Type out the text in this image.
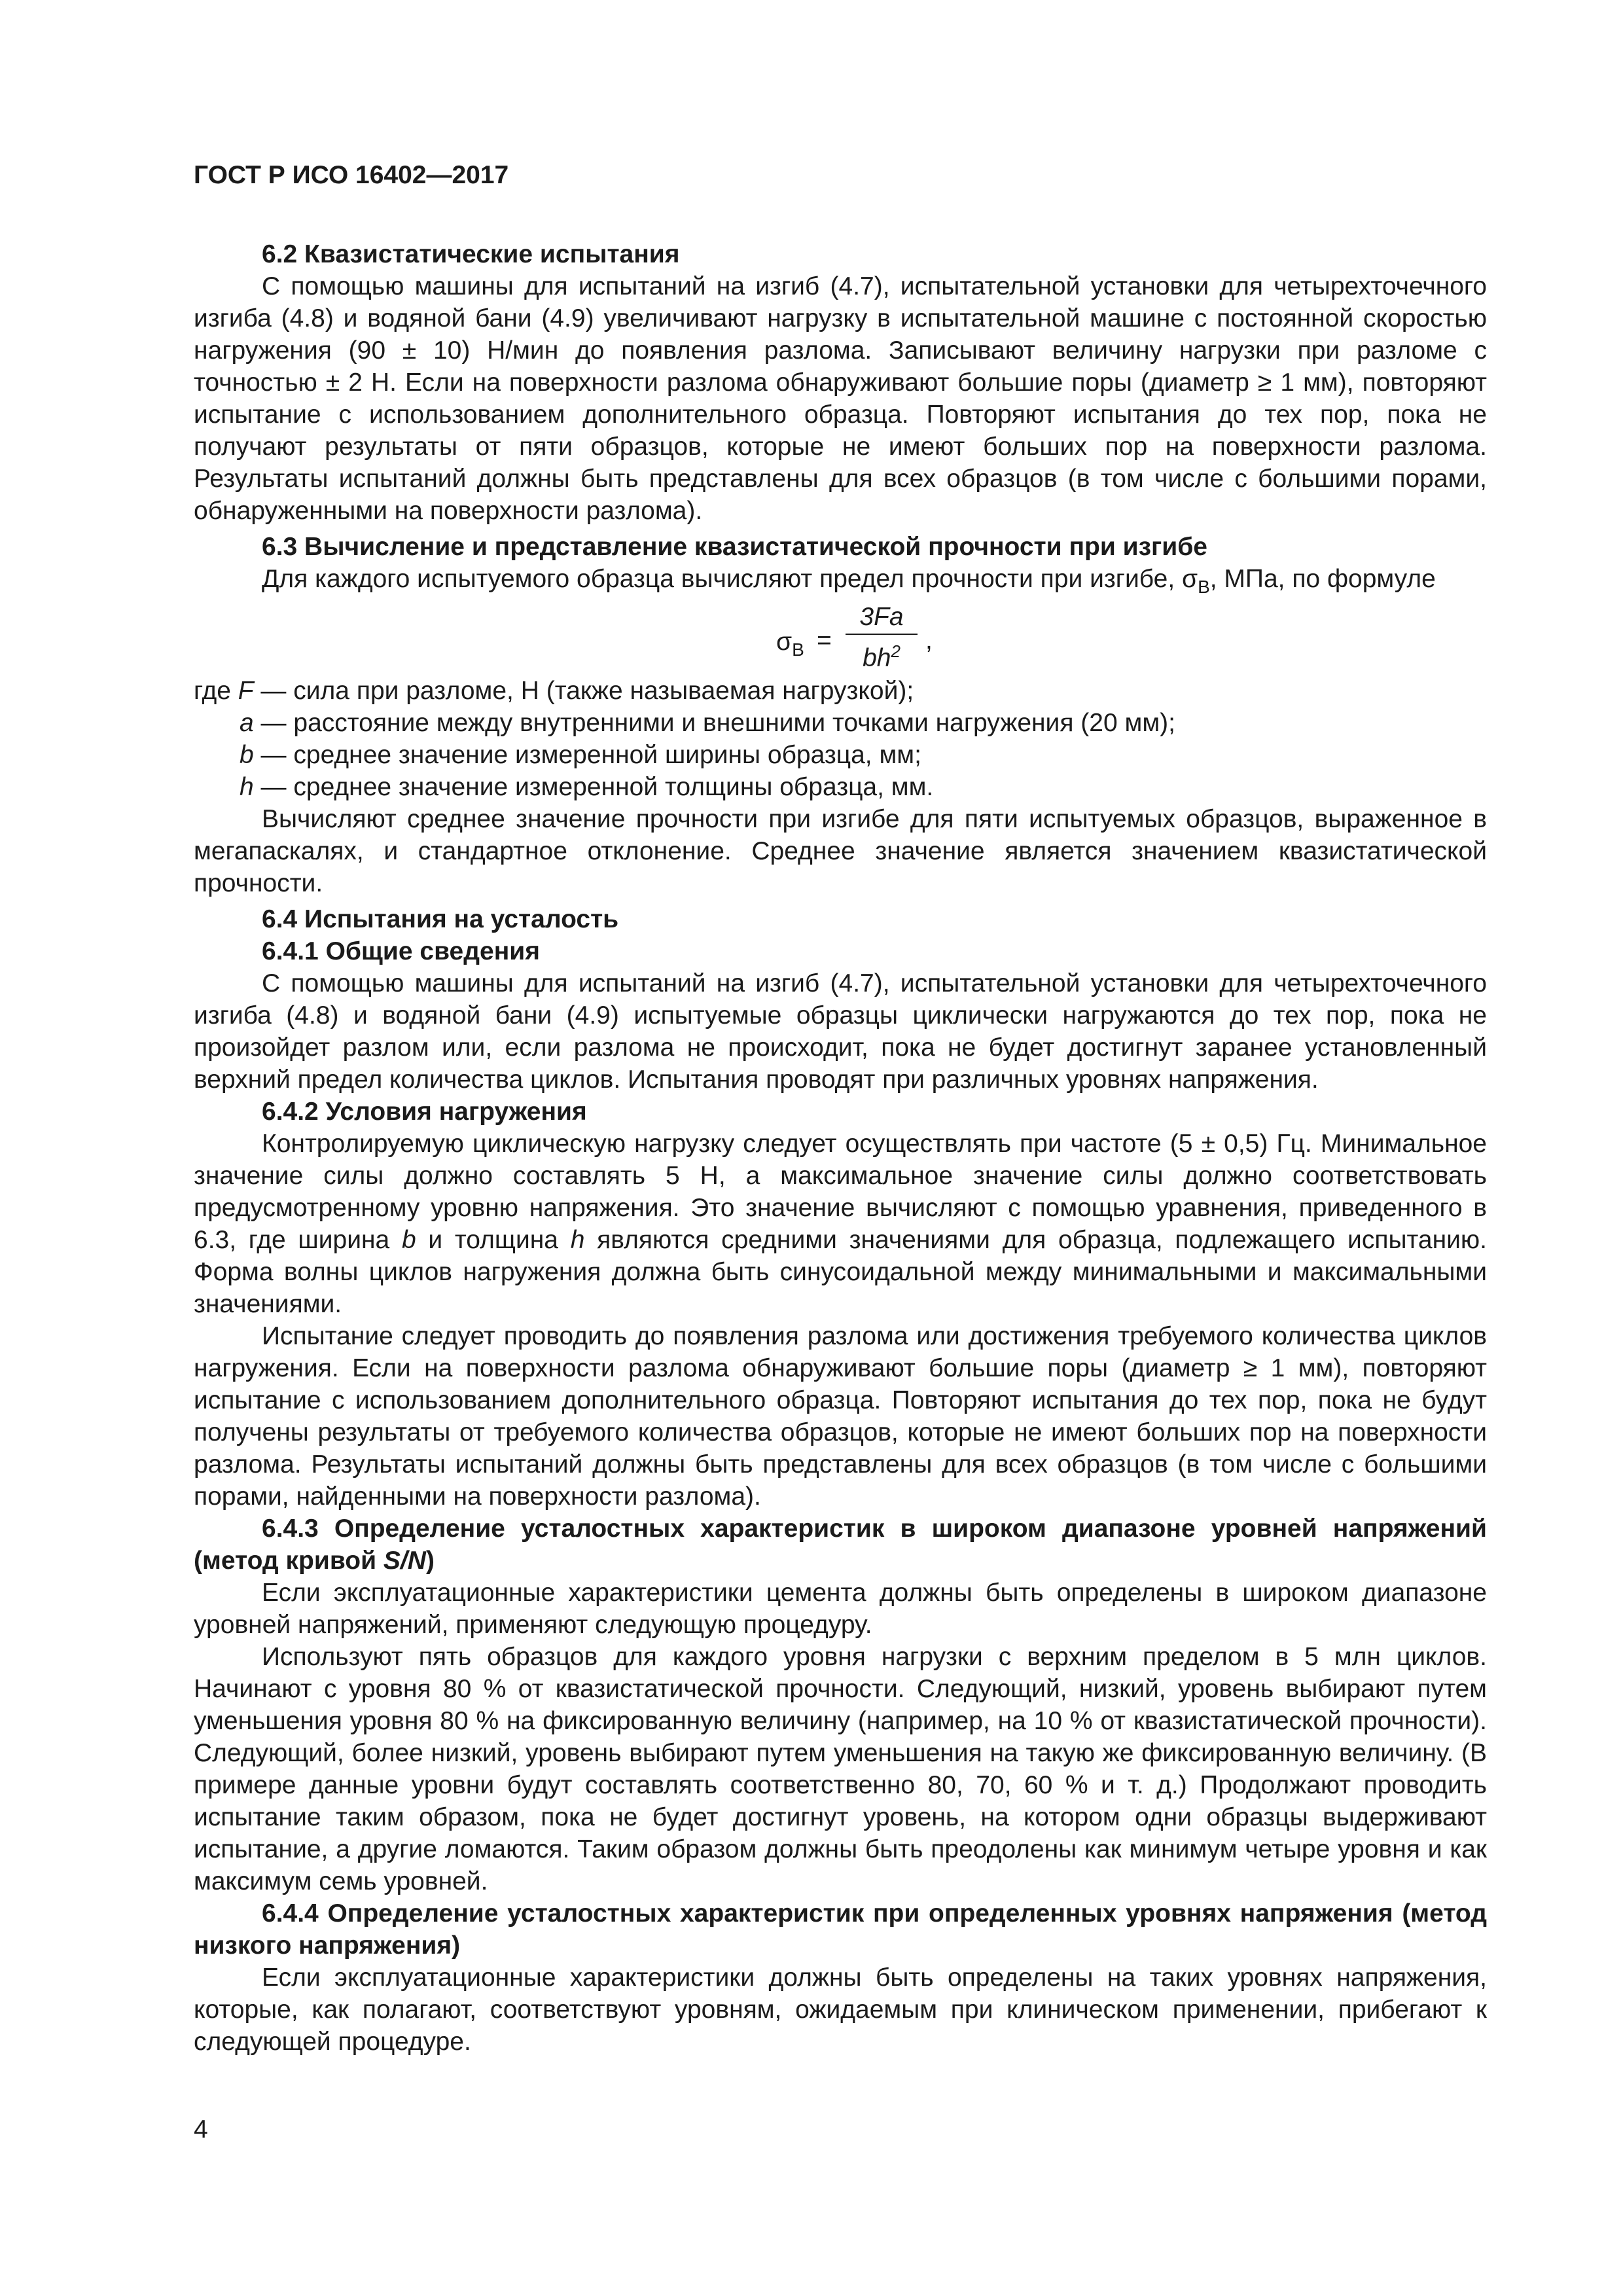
ГОСТ Р ИСО 16402—2017
6.2 Квазистатические испытания
С помощью машины для испытаний на изгиб (4.7), испытательной установки для четырехточечного изгиба (4.8) и водяной бани (4.9) увеличивают нагрузку в испытательной машине с постоянной скоростью нагружения (90 ± 10) Н/мин до появления разлома. Записывают величину нагрузки при разломе с точностью ± 2 Н. Если на поверхности разлома обнаруживают большие поры (диаметр ≥ 1 мм), повторяют испытание с использованием дополнительного образца. Повторяют испытания до тех пор, пока не получают результаты от пяти образцов, которые не имеют больших пор на поверхности разлома. Результаты испытаний должны быть представлены для всех образцов (в том числе с большими порами, обнаруженными на поверхности разлома).
6.3 Вычисление и представление квазистатической прочности при изгибе
Для каждого испытуемого образца вычисляют предел прочности при изгибе, $\sigma_В$, МПа, по формуле
$\sigma_В$ =
3Fa
$bh^2$ ,
где F — сила при разломе, Н (также называемая нагрузкой);
a — расстояние между внутренними и внешними точками нагружения (20 мм);
b — среднее значение измеренной ширины образца, мм;
h — среднее значение измеренной толщины образца, мм.
Вычисляют среднее значение прочности при изгибе для пяти испытуемых образцов, выраженное в мегапаскалях, и стандартное отклонение. Среднее значение является значением квазистатической прочности.
6.4 Испытания на усталость
6.4.1 Общие сведения
С помощью машины для испытаний на изгиб (4.7), испытательной установки для четырехточечного изгиба (4.8) и водяной бани (4.9) испытуемые образцы циклически нагружаются до тех пор, пока не произойдет разлом или, если разлома не происходит, пока не будет достигнут заранее установленный верхний предел количества циклов. Испытания проводят при различных уровнях напряжения.
6.4.2 Условия нагружения
Контролируемую циклическую нагрузку следует осуществлять при частоте (5 ± 0,5) Гц. Минимальное значение силы должно составлять 5 Н, а максимальное значение силы должно соответствовать предусмотренному уровню напряжения. Это значение вычисляют с помощью уравнения, приведенного в 6.3, где ширина b и толщина h являются средними значениями для образца, подлежащего испытанию. Форма волны циклов нагружения должна быть синусоидальной между минимальными и максимальными значениями.
Испытание следует проводить до появления разлома или достижения требуемого количества циклов нагружения. Если на поверхности разлома обнаруживают большие поры (диаметр ≥ 1 мм), повторяют испытание с использованием дополнительного образца. Повторяют испытания до тех пор, пока не будут получены результаты от требуемого количества образцов, которые не имеют больших пор на поверхности разлома. Результаты испытаний должны быть представлены для всех образцов (в том числе с большими порами, найденными на поверхности разлома).
6.4.3 Определение усталостных характеристик в широком диапазоне уровней напряжений (метод кривой S/N)
Если эксплуатационные характеристики цемента должны быть определены в широком диапазоне уровней напряжений, применяют следующую процедуру.
Используют пять образцов для каждого уровня нагрузки с верхним пределом в 5 млн циклов. Начинают с уровня 80 % от квазистатической прочности. Следующий, низкий, уровень выбирают путем уменьшения уровня 80 % на фиксированную величину (например, на 10 % от квазистатической прочности). Следующий, более низкий, уровень выбирают путем уменьшения на такую же фиксированную величину. (В примере данные уровни будут составлять соответственно 80, 70, 60 % и т. д.) Продолжают проводить испытание таким образом, пока не будет достигнут уровень, на котором одни образцы выдерживают испытание, а другие ломаются. Таким образом должны быть преодолены как минимум четыре уровня и как максимум семь уровней.
6.4.4 Определение усталостных характеристик при определенных уровнях напряжения (метод низкого напряжения)
Если эксплуатационные характеристики должны быть определены на таких уровнях напряжения, которые, как полагают, соответствуют уровням, ожидаемым при клиническом применении, прибегают к следующей процедуре.
4
